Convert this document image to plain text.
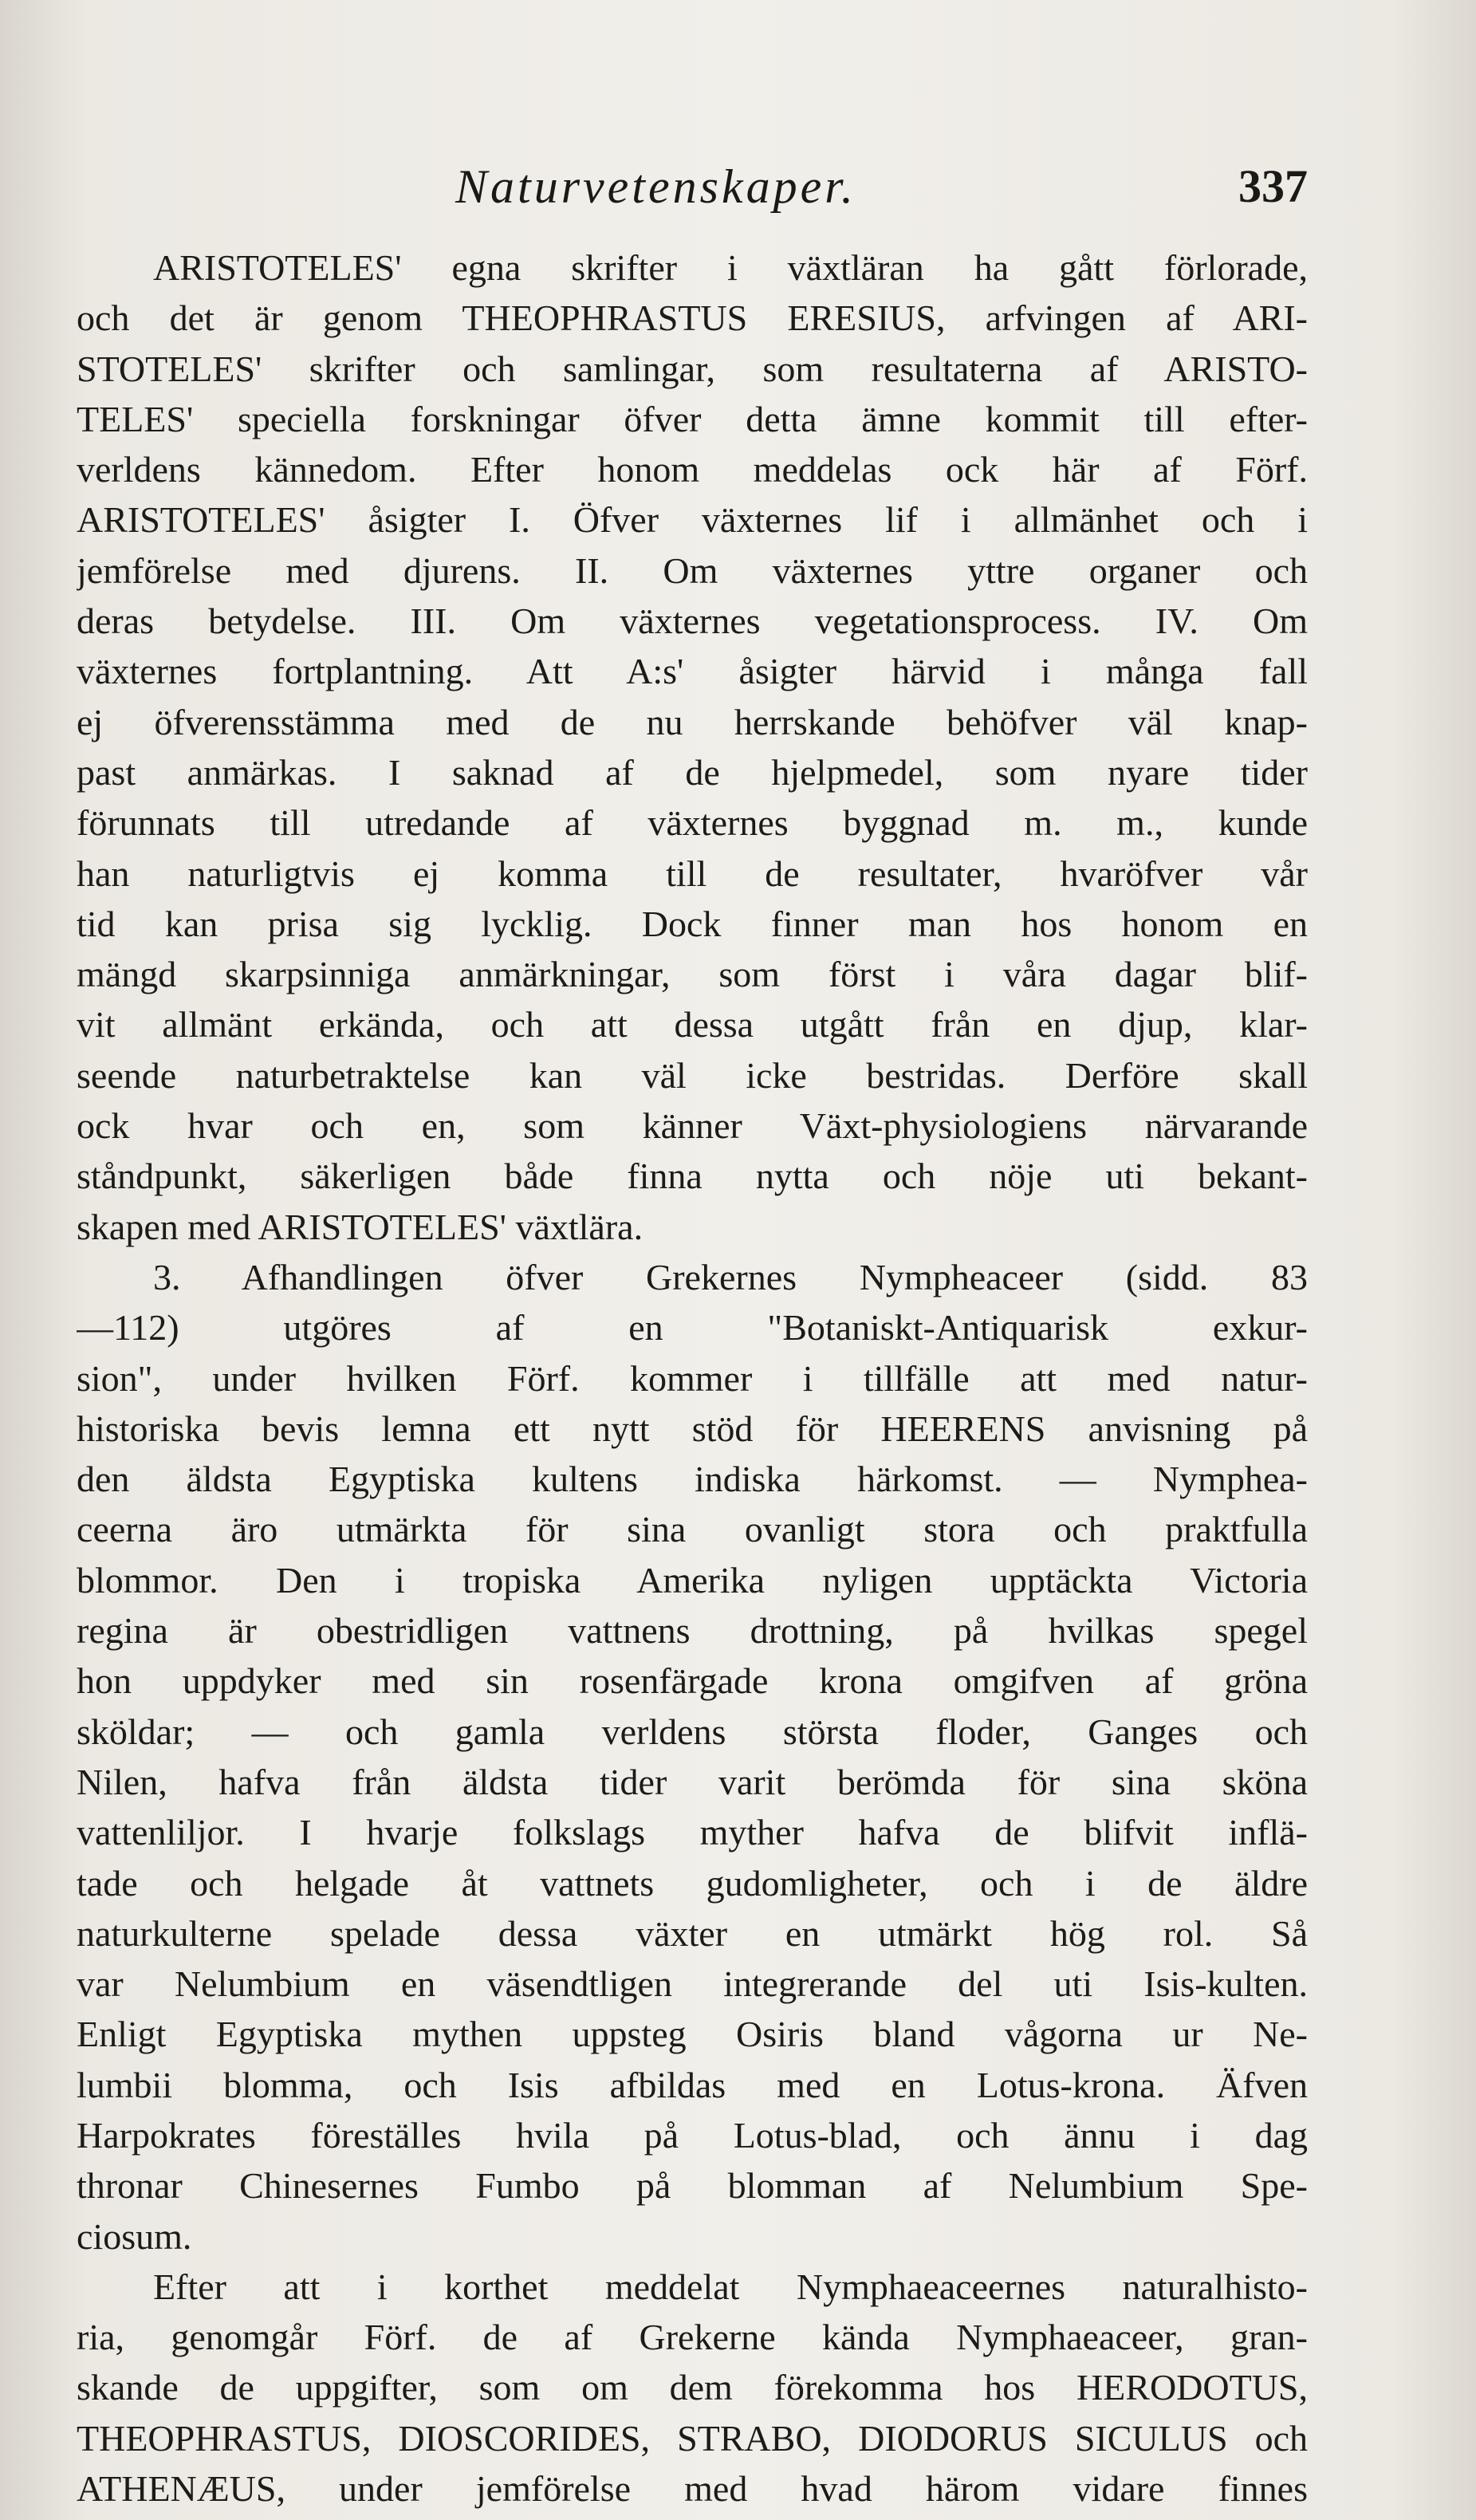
Naturvetenskaper.	337
ARISTOTELES' egna skrifter i växtläran ha gått förlorade,
och det är genom THEOPHRASTUS ERESIUS, arfvingen af ARI-
STOTELES' skrifter och samlingar, som resultaterna af ARISTO-
TELES' speciella forskningar öfver detta ämne kommit till efter-
verldens kännedom. Efter honom meddelas ock här af Förf.
ARISTOTELES' åsigter I. Öfver växternes lif i allmänhet och i
jemförelse med djurens. II. Om växternes yttre organer och
deras betydelse. III. Om växternes vegetationsprocess. IV. Om
växternes fortplantning. Att A:s' åsigter härvid i många fall
ej öfverensstämma med de nu herrskande behöfver väl knap-
past anmärkas. I saknad af de hjelpmedel, som nyare tider
förunnats till utredande af växternes byggnad m. m., kunde
han naturligtvis ej komma till de resultater, hvaröfver vår
tid kan prisa sig lycklig. Dock finner man hos honom en
mängd skarpsinniga anmärkningar, som först i våra dagar blif-
vit allmänt erkända, och att dessa utgått från en djup, klar-
seende naturbetraktelse kan väl icke bestridas. Derföre skall
ock hvar och en, som känner Växt-physiologiens närvarande
ståndpunkt, säkerligen både finna nytta och nöje uti bekant-
skapen med ARISTOTELES' växtlära.
3. Afhandlingen öfver Grekernes Nympheaceer (sidd. 83
—112) utgöres af en "Botaniskt-Antiquarisk exkur-
sion", under hvilken Förf. kommer i tillfälle att med natur-
historiska bevis lemna ett nytt stöd för HEERENS anvisning på
den äldsta Egyptiska kultens indiska härkomst. — Nymphea-
ceerna äro utmärkta för sina ovanligt stora och praktfulla
blommor. Den i tropiska Amerika nyligen upptäckta Victoria
regina är obestridligen vattnens drottning, på hvilkas spegel
hon uppdyker med sin rosenfärgade krona omgifven af gröna
sköldar; — och gamla verldens största floder, Ganges och
Nilen, hafva från äldsta tider varit berömda för sina sköna
vattenliljor. I hvarje folkslags myther hafva de blifvit inflä-
tade och helgade åt vattnets gudomligheter, och i de äldre
naturkulterne spelade dessa växter en utmärkt hög rol. Så
var Nelumbium en väsendtligen integrerande del uti Isis-kulten.
Enligt Egyptiska mythen uppsteg Osiris bland vågorna ur Ne-
lumbii blomma, och Isis afbildas med en Lotus-krona. Äfven
Harpokrates föreställes hvila på Lotus-blad, och ännu i dag
thronar Chinesernes Fumbo på blomman af Nelumbium Spe-
ciosum.
Efter att i korthet meddelat Nymphaeaceernes naturalhisto-
ria, genomgår Förf. de af Grekerne kända Nymphaeaceer, gran-
skande de uppgifter, som om dem förekomma hos HERODOTUS,
THEOPHRASTUS, DIOSCORIDES, STRABO, DIODORUS SICULUS och
ATHENÆUS, under jemförelse med hvad härom vidare finnes
